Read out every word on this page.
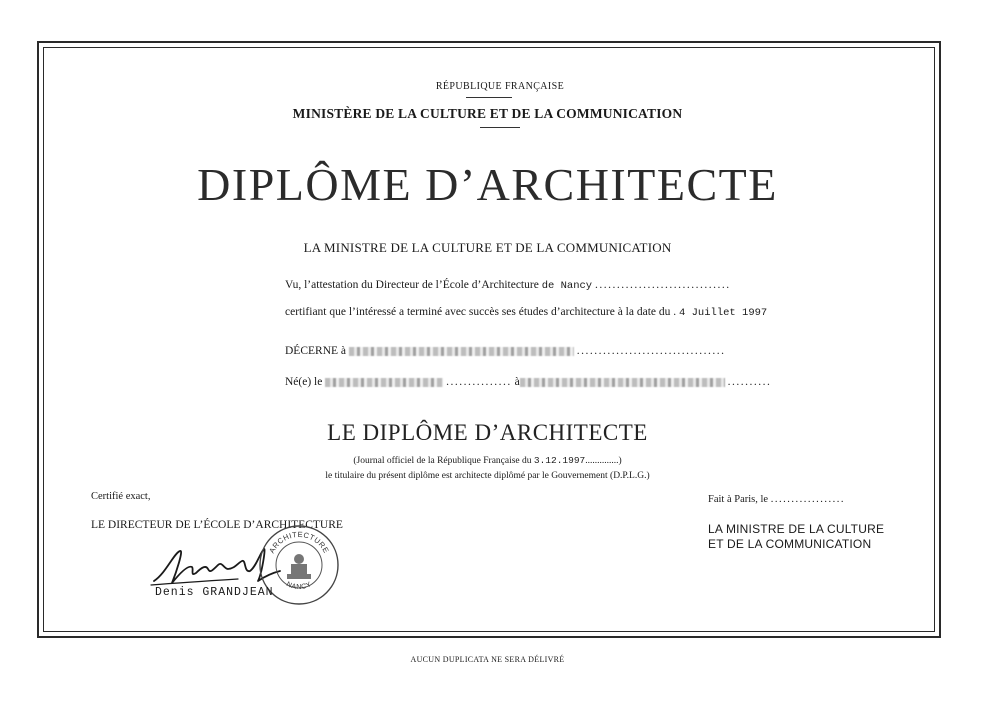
RÉPUBLIQUE FRANÇAISE
MINISTÈRE DE LA CULTURE ET DE LA COMMUNICATION
DIPLÔME D’ARCHITECTE
LA MINISTRE DE LA CULTURE ET DE LA COMMUNICATION
Vu, l’attestation du Directeur de l’École d’Architecture de Nancy ...............................
certifiant que l’intéressé a terminé avec succès ses études d’architecture à la date du . 4 Juillet 1997
DÉCERNE à	..................................
Né(e) le	............... à	..........
LE DIPLÔME D’ARCHITECTE
(Journal officiel de la République Française du 3.12.1997..............)
le titulaire du présent diplôme est architecte diplômé par le Gouvernement (D.P.L.G.)
Certifié exact,
LE DIRECTEUR DE L’ÉCOLE D’ARCHITECTURE
ARCHITECTURE
NANCY
Denis GRANDJEAN
Fait à Paris, le ..................
LA MINISTRE DE LA CULTURE
ET DE LA COMMUNICATION
AUCUN DUPLICATA NE SERA DÉLIVRÉ
